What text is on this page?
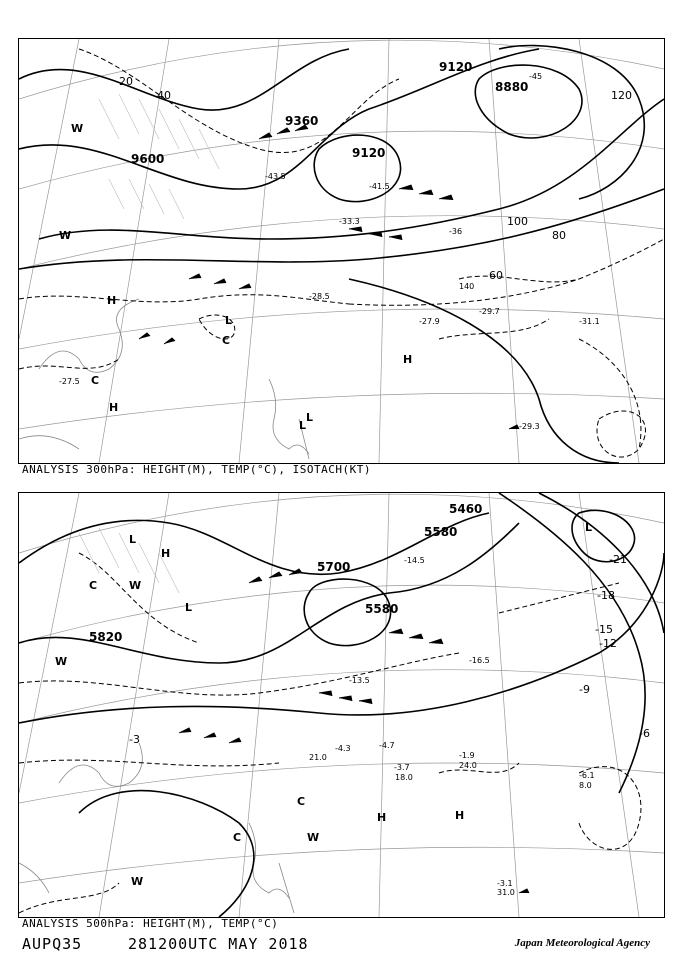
9360
9120
9120
8880
9600
20
40
60
80
100
120
-45
-43.5
-41.5
-36
-33.3
-31.1
-29.7
-28.5
-27.9
-27.5
-29.3
140
L
L
H
H
H
C
C
W
W
L
ANALYSIS 300hPa: HEIGHT(M), TEMP(°C), ISOTACH(KT)
5580
5700
5580
5820
5460
-21
-18
-15
-12
-9
-6
-3
-14.5
-13.5
-16.5
-4.7
-3.7
-4.3
-3.1
-1.9
-6.1
21.0
18.0
24.0
31.0
8.0
L
L
L
H
H	H
C
C
C
W
W
W
W
ANALYSIS 500hPa: HEIGHT(M), TEMP(°C)
AUPQ35	281200UTC MAY 2018	Japan Meteorological Agency
